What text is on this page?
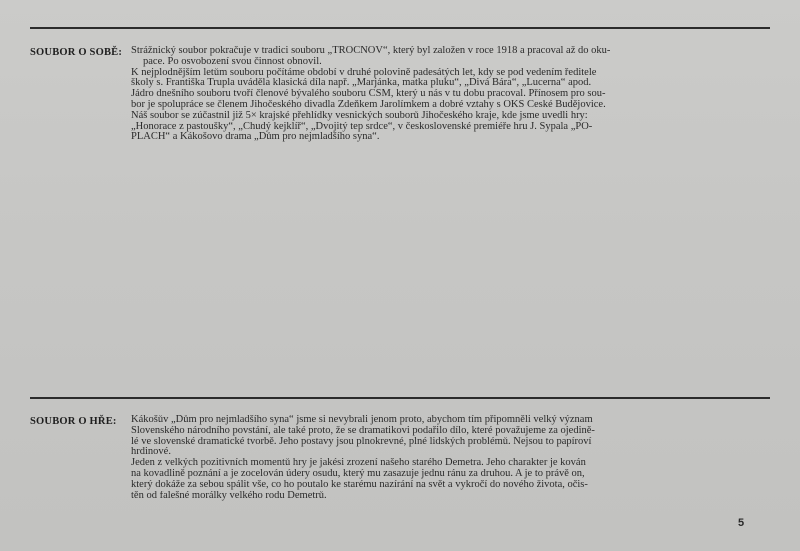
SOUBOR O SOBĚ: Strážnický soubor pokračuje v tradici souboru „TROCNOV“, který byl založen v roce 1918 a pracoval až do oku-
pace. Po osvobození svou činnost obnovil.
K nejplodnějším letům souboru počítáme období v druhé polovině padesátých let, kdy se pod vedením ředitele
školy s. Františka Trupla uváděla klasická díla např. „Marjánka, matka pluku“, „Divá Bára“, „Lucerna“ apod.
Jádro dnešního souboru tvoří členové bývalého souboru ČSM, který u nás v tu dobu pracoval. Přínosem pro sou-
bor je spolupráce se členem Jihočeského divadla Zdeňkem Jarolímkem a dobré vztahy s OKS České Budějovice.
Náš soubor se zúčastnil již 5× krajské přehlídky vesnických souborů Jihočeského kraje, kde jsme uvedli hry:
„Honorace z pastoušky“, „Chudý kejklíř“, „Dvojitý tep srdce“, v československé premiéře hru J. Sypala „PO-
PLACH“ a Kákošovo drama „Dům pro nejmladšího syna“.
SOUBOR O HŘE: Kákošův „Dům pro nejmladšího syna“ jsme si nevybrali jenom proto, abychom tím připomněli velký význam
Slovenského národního povstání, ale také proto, že se dramatikovi podařilo dílo, které považujeme za ojedině-
lé ve slovenské dramatické tvorbě. Jeho postavy jsou plnokrevné, plné lidských problémů. Nejsou to papíroví
hrdinové.
Jeden z velkých pozitivních momentů hry je jakési zrození našeho starého Demetra. Jeho charakter je kován
na kovadlině poznání a je zocelován údery osudu, který mu zasazuje jednu ránu za druhou. A je to právě on,
který dokáže za sebou spálit vše, co ho poutalo ke starému nazírání na svět a vykročí do nového života, očis-
těn od falešné morálky velkého rodu Demetrů.
5
